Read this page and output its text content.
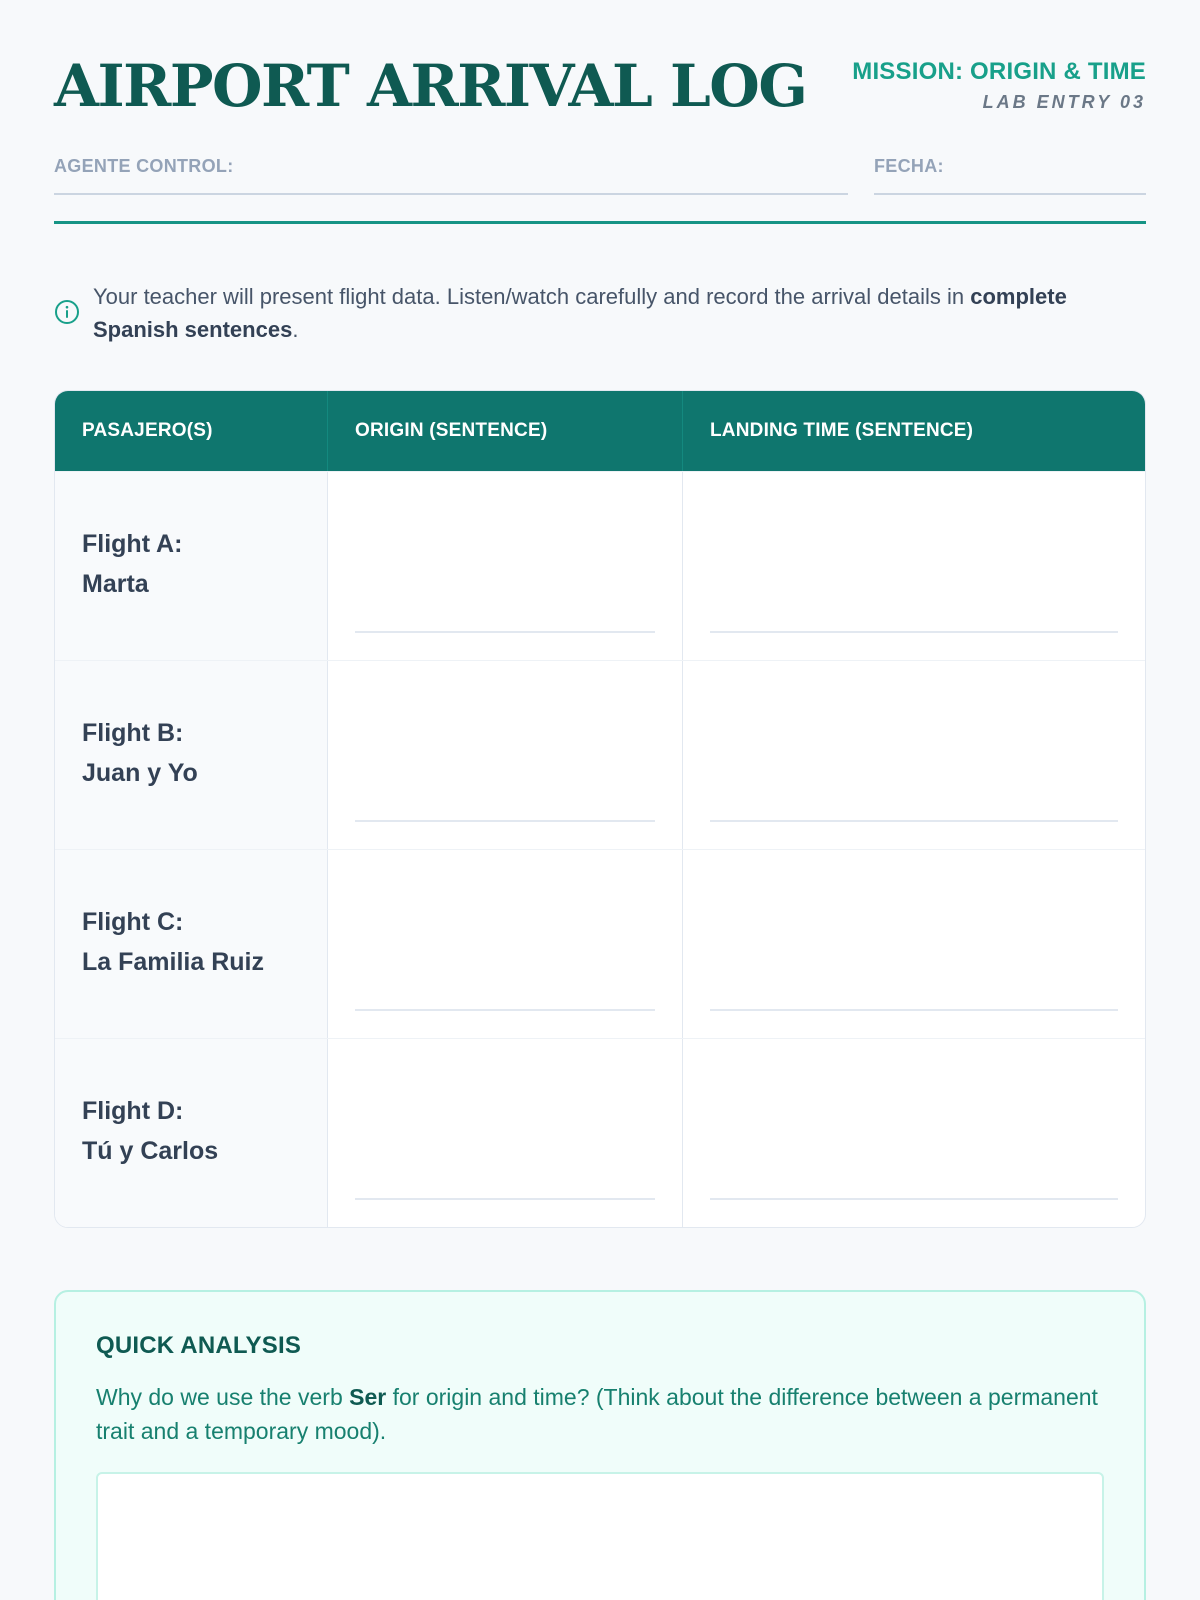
AIRPORT ARRIVAL LOG MISSION: ORIGIN & TIME
LAB ENTRY 03
AGENTE CONTROL:	FECHA:
Your teacher will present flight data. Listen/watch carefully and record the arrival details in complete Spanish sentences.
PASAJERO(S)	ORIGIN (SENTENCE)	LANDING TIME (SENTENCE)
Flight A:
Marta
Flight B:
Juan y Yo
Flight C:
La Familia Ruiz
Flight D:
Tú y Carlos
QUICK ANALYSIS
Why do we use the verb Ser for origin and time? (Think about the difference between a permanent trait and a temporary mood).
